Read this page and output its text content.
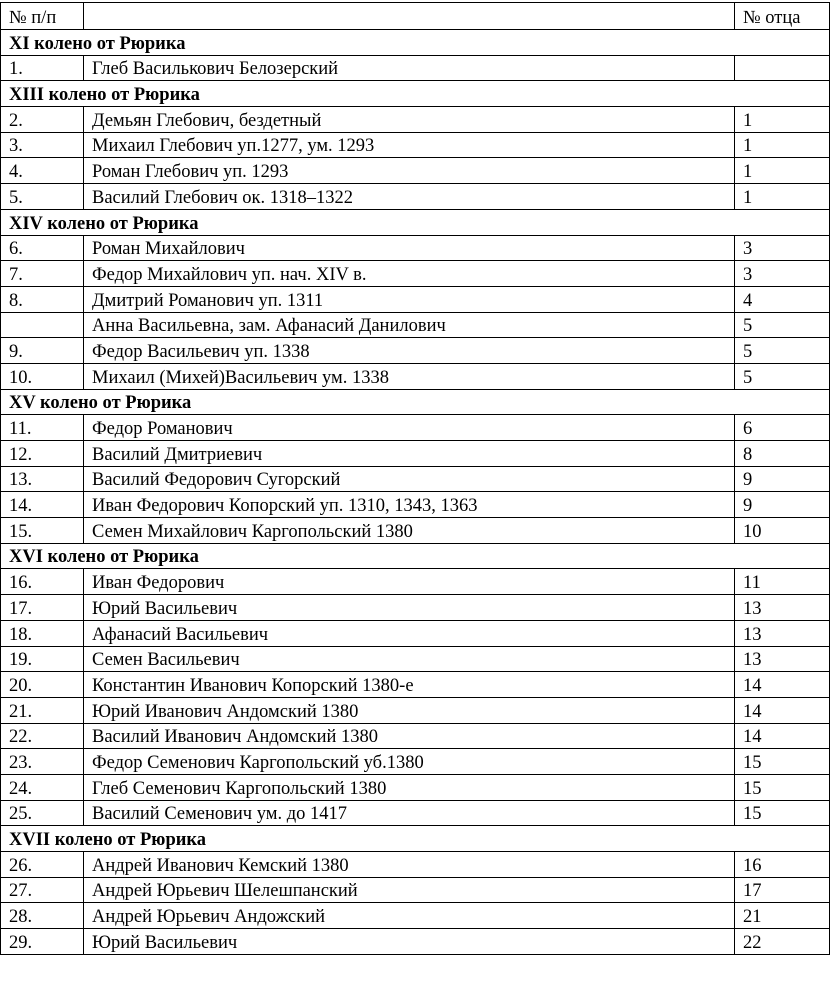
№ п/п		№ отца
XI колено от Рюрика		
1.	Глеб Василькович Белозерский	
XIII колено от Рюрика		
2.	Демьян Глебович, бездетный	1
3.	Михаил Глебович уп.1277, ум. 1293	1
4.	Роман Глебович уп. 1293	1
5.	Василий Глебович ок. 1318–1322	1
XIV колено от Рюрика		
6.	Роман Михайлович	3
7.	Федор Михайлович уп. нач. XIV в.	3
8.	Дмитрий Романович уп. 1311	4
	Анна Васильевна, зам. Афанасий Данилович	5
9.	Федор Васильевич уп. 1338	5
10.	Михаил (Михей)Васильевич ум. 1338	5
XV колено от Рюрика		
11.	Федор Романович	6
12.	Василий Дмитриевич	8
13.	Василий Федорович Сугорский	9
14.	Иван Федорович Копорский уп. 1310, 1343, 1363	9
15.	Семен Михайлович Каргопольский 1380	10
XVI колено от Рюрика		
16.	Иван Федорович	11
17.	Юрий Васильевич	13
18.	Афанасий Васильевич	13
19.	Семен Васильевич	13
20.	Константин Иванович Копорский 1380-е	14
21.	Юрий Иванович Андомский 1380	14
22.	Василий Иванович Андомский 1380	14
23.	Федор Семенович Каргопольский уб.1380	15
24.	Глеб Семенович Каргопольский 1380	15
25.	Василий Семенович ум. до 1417	15
XVII колено от Рюрика		
26.	Андрей Иванович Кемский 1380	16
27.	Андрей Юрьевич Шелешпанский	17
28.	Андрей Юрьевич Андожский	21
29.	Юрий Васильевич	22
